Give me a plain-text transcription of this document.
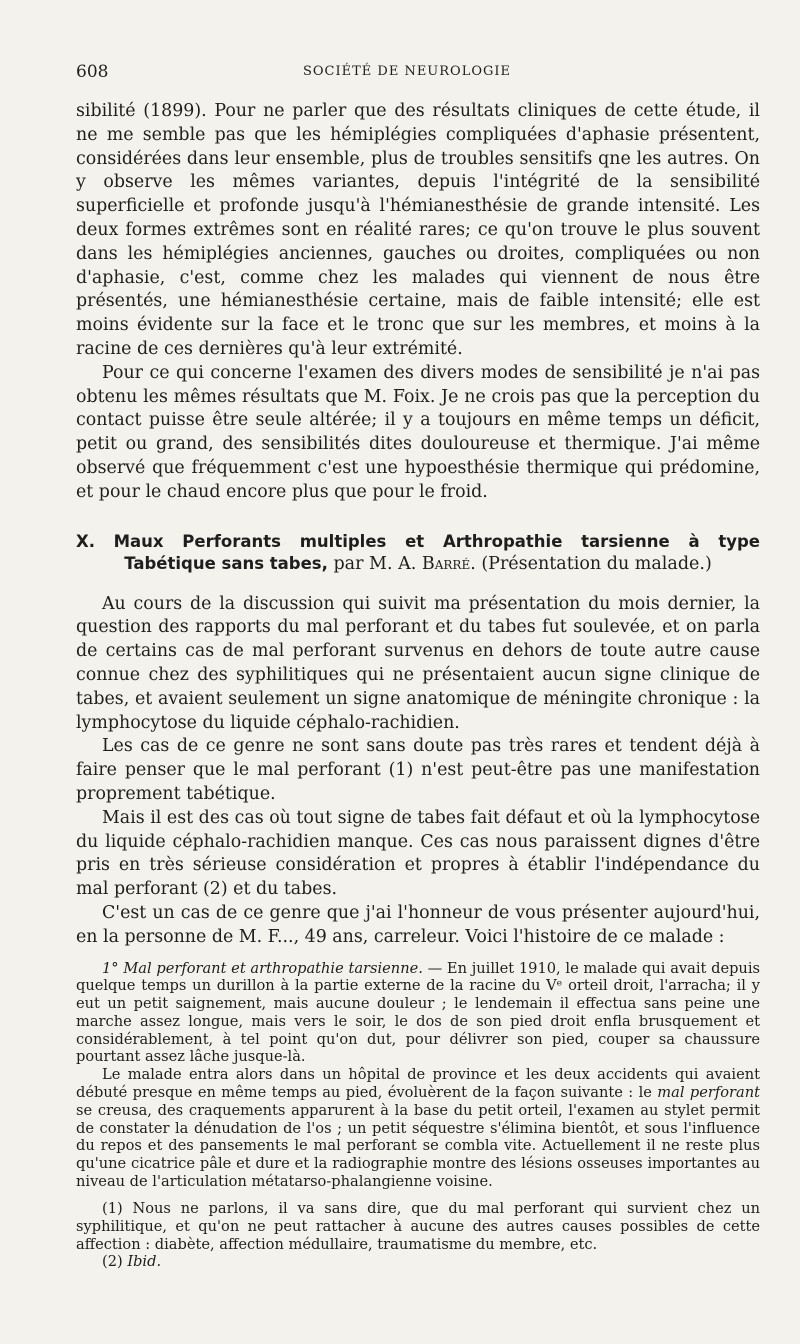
608	SOCIÉTÉ DE NEUROLOGIE

sibilité (1899). Pour ne parler que des résultats cliniques de cette étude, il ne me semble pas que les hémiplégies compliquées d'aphasie présentent, considérées dans leur ensemble, plus de troubles sensitifs qne les autres. On y observe les mêmes variantes, depuis l'intégrité de la sensibilité superficielle et profonde jusqu'à l'hémianesthésie de grande intensité. Les deux formes extrêmes sont en réalité rares; ce qu'on trouve le plus souvent dans les hémiplégies anciennes, gauches ou droites, compliquées ou non d'aphasie, c'est, comme chez les malades qui viennent de nous être présentés, une hémianesthésie certaine, mais de faible intensité; elle est moins évidente sur la face et le tronc que sur les membres, et moins à la racine de ces dernières qu'à leur extrémité.

Pour ce qui concerne l'examen des divers modes de sensibilité je n'ai pas obtenu les mêmes résultats que M. Foix. Je ne crois pas que la perception du contact puisse être seule altérée; il y a toujours en même temps un déficit, petit ou grand, des sensibilités dites douloureuse et thermique. J'ai même observé que fréquemment c'est une hypoesthésie thermique qui prédomine, et pour le chaud encore plus que pour le froid.

X. Maux Perforants multiples et Arthropathie tarsienne à type
Tabétique sans tabes, par M. A. Barré. (Présentation du malade.)

Au cours de la discussion qui suivit ma présentation du mois dernier, la question des rapports du mal perforant et du tabes fut soulevée, et on parla de certains cas de mal perforant survenus en dehors de toute autre cause connue chez des syphilitiques qui ne présentaient aucun signe clinique de tabes, et avaient seulement un signe anatomique de méningite chronique : la lymphocytose du liquide céphalo-rachidien.

Les cas de ce genre ne sont sans doute pas très rares et tendent déjà à faire penser que le mal perforant (1) n'est peut-être pas une manifestation proprement tabétique.

Mais il est des cas où tout signe de tabes fait défaut et où la lymphocytose du liquide céphalo-rachidien manque. Ces cas nous paraissent dignes d'être pris en très sérieuse considération et propres à établir l'indépendance du mal perforant (2) et du tabes.

C'est un cas de ce genre que j'ai l'honneur de vous présenter aujourd'hui, en la personne de M. F..., 49 ans, carreleur. Voici l'histoire de ce malade :

1° Mal perforant et arthropathie tarsienne. — En juillet 1910, le malade qui avait depuis quelque temps un durillon à la partie externe de la racine du Vᵉ orteil droit, l'arracha; il y eut un petit saignement, mais aucune douleur ; le lendemain il effectua sans peine une marche assez longue, mais vers le soir, le dos de son pied droit enfla brusquement et considérablement, à tel point qu'on dut, pour délivrer son pied, couper sa chaussure pourtant assez lâche jusque-là.

Le malade entra alors dans un hôpital de province et les deux accidents qui avaient débuté presque en même temps au pied, évoluèrent de la façon suivante : le mal perforant se creusa, des craquements apparurent à la base du petit orteil, l'examen au stylet permit de constater la dénudation de l'os ; un petit séquestre s'élimina bientôt, et sous l'influence du repos et des pansements le mal perforant se combla vite. Actuellement il ne reste plus qu'une cicatrice pâle et dure et la radiographie montre des lésions osseuses importantes au niveau de l'articulation métatarso-phalangienne voisine.

(1) Nous ne parlons, il va sans dire, que du mal perforant qui survient chez un syphilitique, et qu'on ne peut rattacher à aucune des autres causes possibles de cette affection : diabète, affection médullaire, traumatisme du membre, etc.

(2) Ibid.
